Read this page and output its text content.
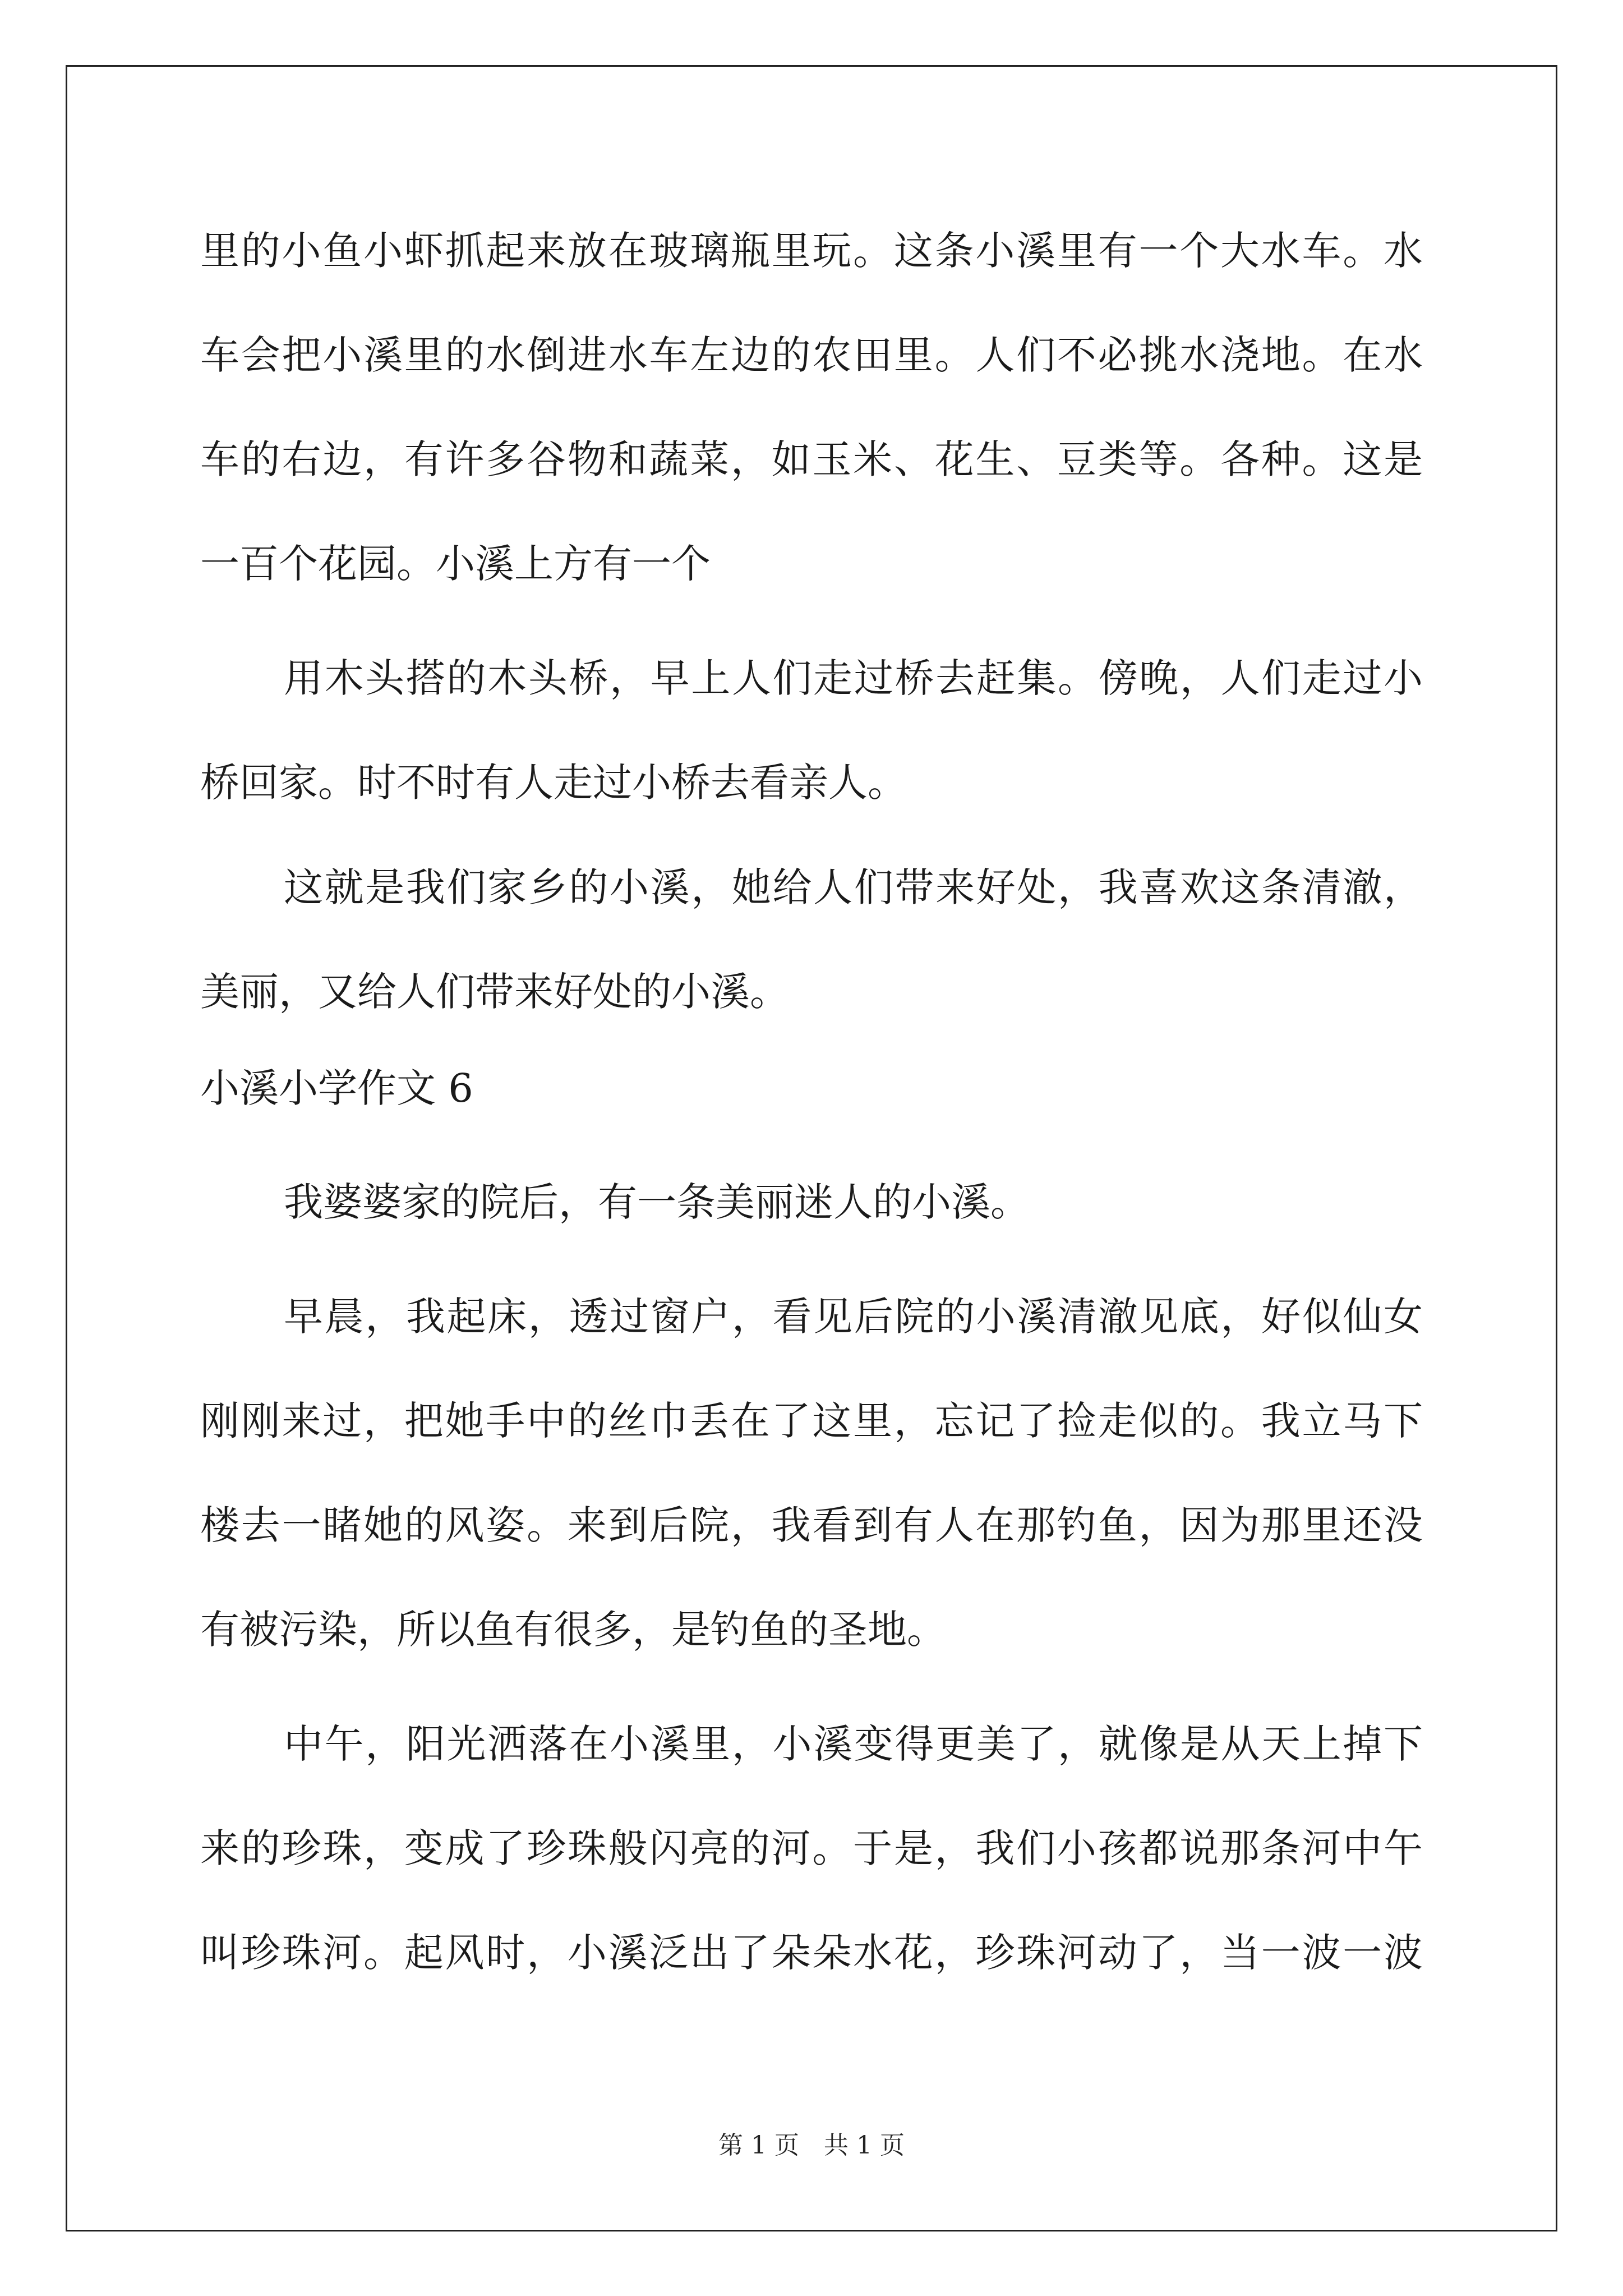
里的小鱼小虾抓起来放在玻璃瓶里玩。这条小溪里有一个大水车。水
车会把小溪里的水倒进水车左边的农田里。人们不必挑水浇地。在水
车的右边，有许多谷物和蔬菜，如玉米、花生、豆类等。各种。这是
一百个花园。小溪上方有一个
用木头搭的木头桥，早上人们走过桥去赶集。傍晚，人们走过小
桥回家。时不时有人走过小桥去看亲人。
这就是我们家乡的小溪，她给人们带来好处，我喜欢这条清澈，
美丽，又给人们带来好处的小溪。
小溪小学作文 6
我婆婆家的院后，有一条美丽迷人的小溪。
早晨，我起床，透过窗户，看见后院的小溪清澈见底，好似仙女
刚刚来过，把她手中的丝巾丢在了这里，忘记了捡走似的。我立马下
楼去一睹她的风姿。来到后院，我看到有人在那钓鱼，因为那里还没
有被污染，所以鱼有很多，是钓鱼的圣地。
中午，阳光洒落在小溪里，小溪变得更美了，就像是从天上掉下
来的珍珠，变成了珍珠般闪亮的河。于是，我们小孩都说那条河中午
叫珍珠河。起风时，小溪泛出了朵朵水花，珍珠河动了，当一波一波
第 1 页　共 1 页
